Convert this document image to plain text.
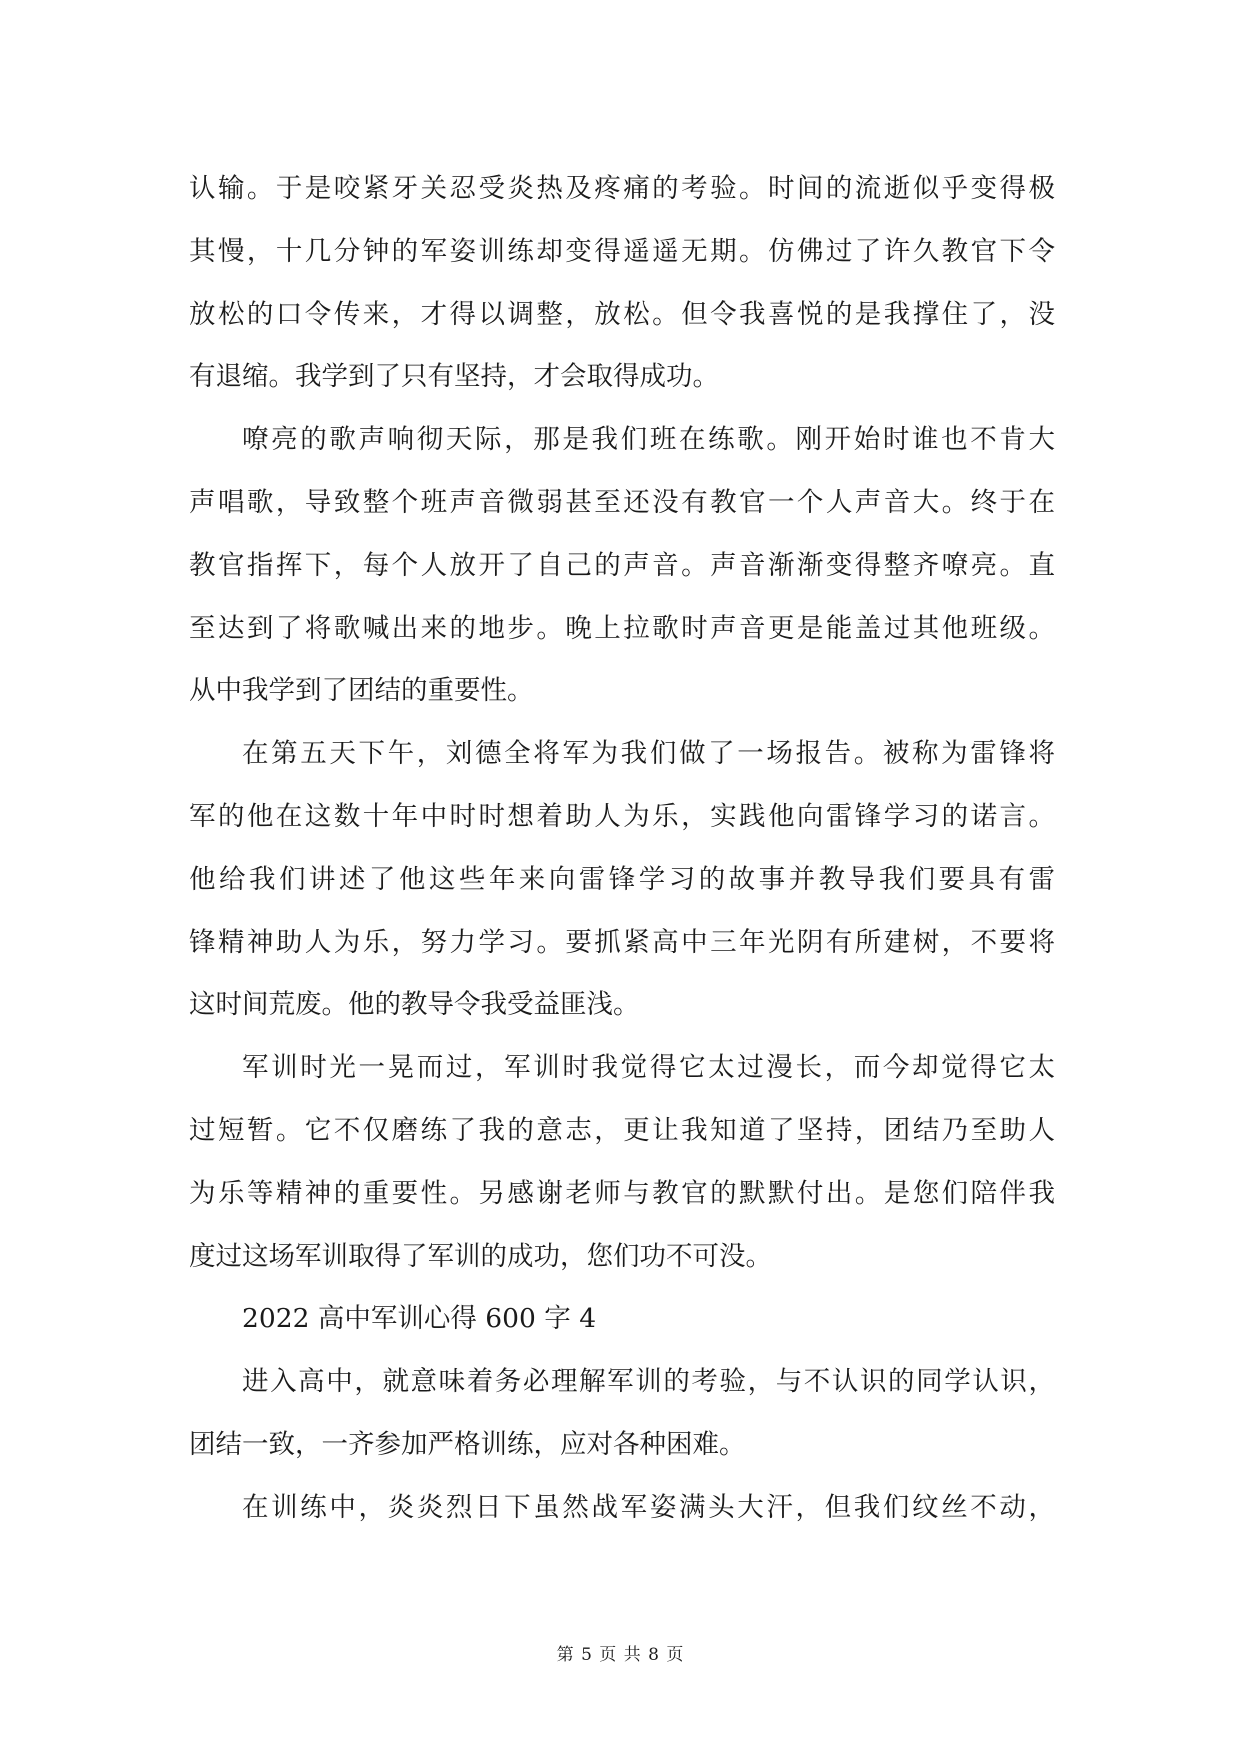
认输。于是咬紧牙关忍受炎热及疼痛的考验。时间的流逝似乎变得极
其慢，十几分钟的军姿训练却变得遥遥无期。仿佛过了许久教官下令
放松的口令传来，才得以调整，放松。但令我喜悦的是我撑住了，没
有退缩。我学到了只有坚持，才会取得成功。

嘹亮的歌声响彻天际，那是我们班在练歌。刚开始时谁也不肯大
声唱歌，导致整个班声音微弱甚至还没有教官一个人声音大。终于在
教官指挥下，每个人放开了自己的声音。声音渐渐变得整齐嘹亮。直
至达到了将歌喊出来的地步。晚上拉歌时声音更是能盖过其他班级。
从中我学到了团结的重要性。

在第五天下午，刘德全将军为我们做了一场报告。被称为雷锋将
军的他在这数十年中时时想着助人为乐，实践他向雷锋学习的诺言。
他给我们讲述了他这些年来向雷锋学习的故事并教导我们要具有雷
锋精神助人为乐，努力学习。要抓紧高中三年光阴有所建树，不要将
这时间荒废。他的教导令我受益匪浅。

军训时光一晃而过，军训时我觉得它太过漫长，而今却觉得它太
过短暂。它不仅磨练了我的意志，更让我知道了坚持，团结乃至助人
为乐等精神的重要性。另感谢老师与教官的默默付出。是您们陪伴我
度过这场军训取得了军训的成功，您们功不可没。

2022 高中军训心得 600 字 4

进入高中，就意味着务必理解军训的考验，与不认识的同学认识，
团结一致，一齐参加严格训练，应对各种困难。

在训练中，炎炎烈日下虽然战军姿满头大汗，但我们纹丝不动，

第 5 页 共 8 页
